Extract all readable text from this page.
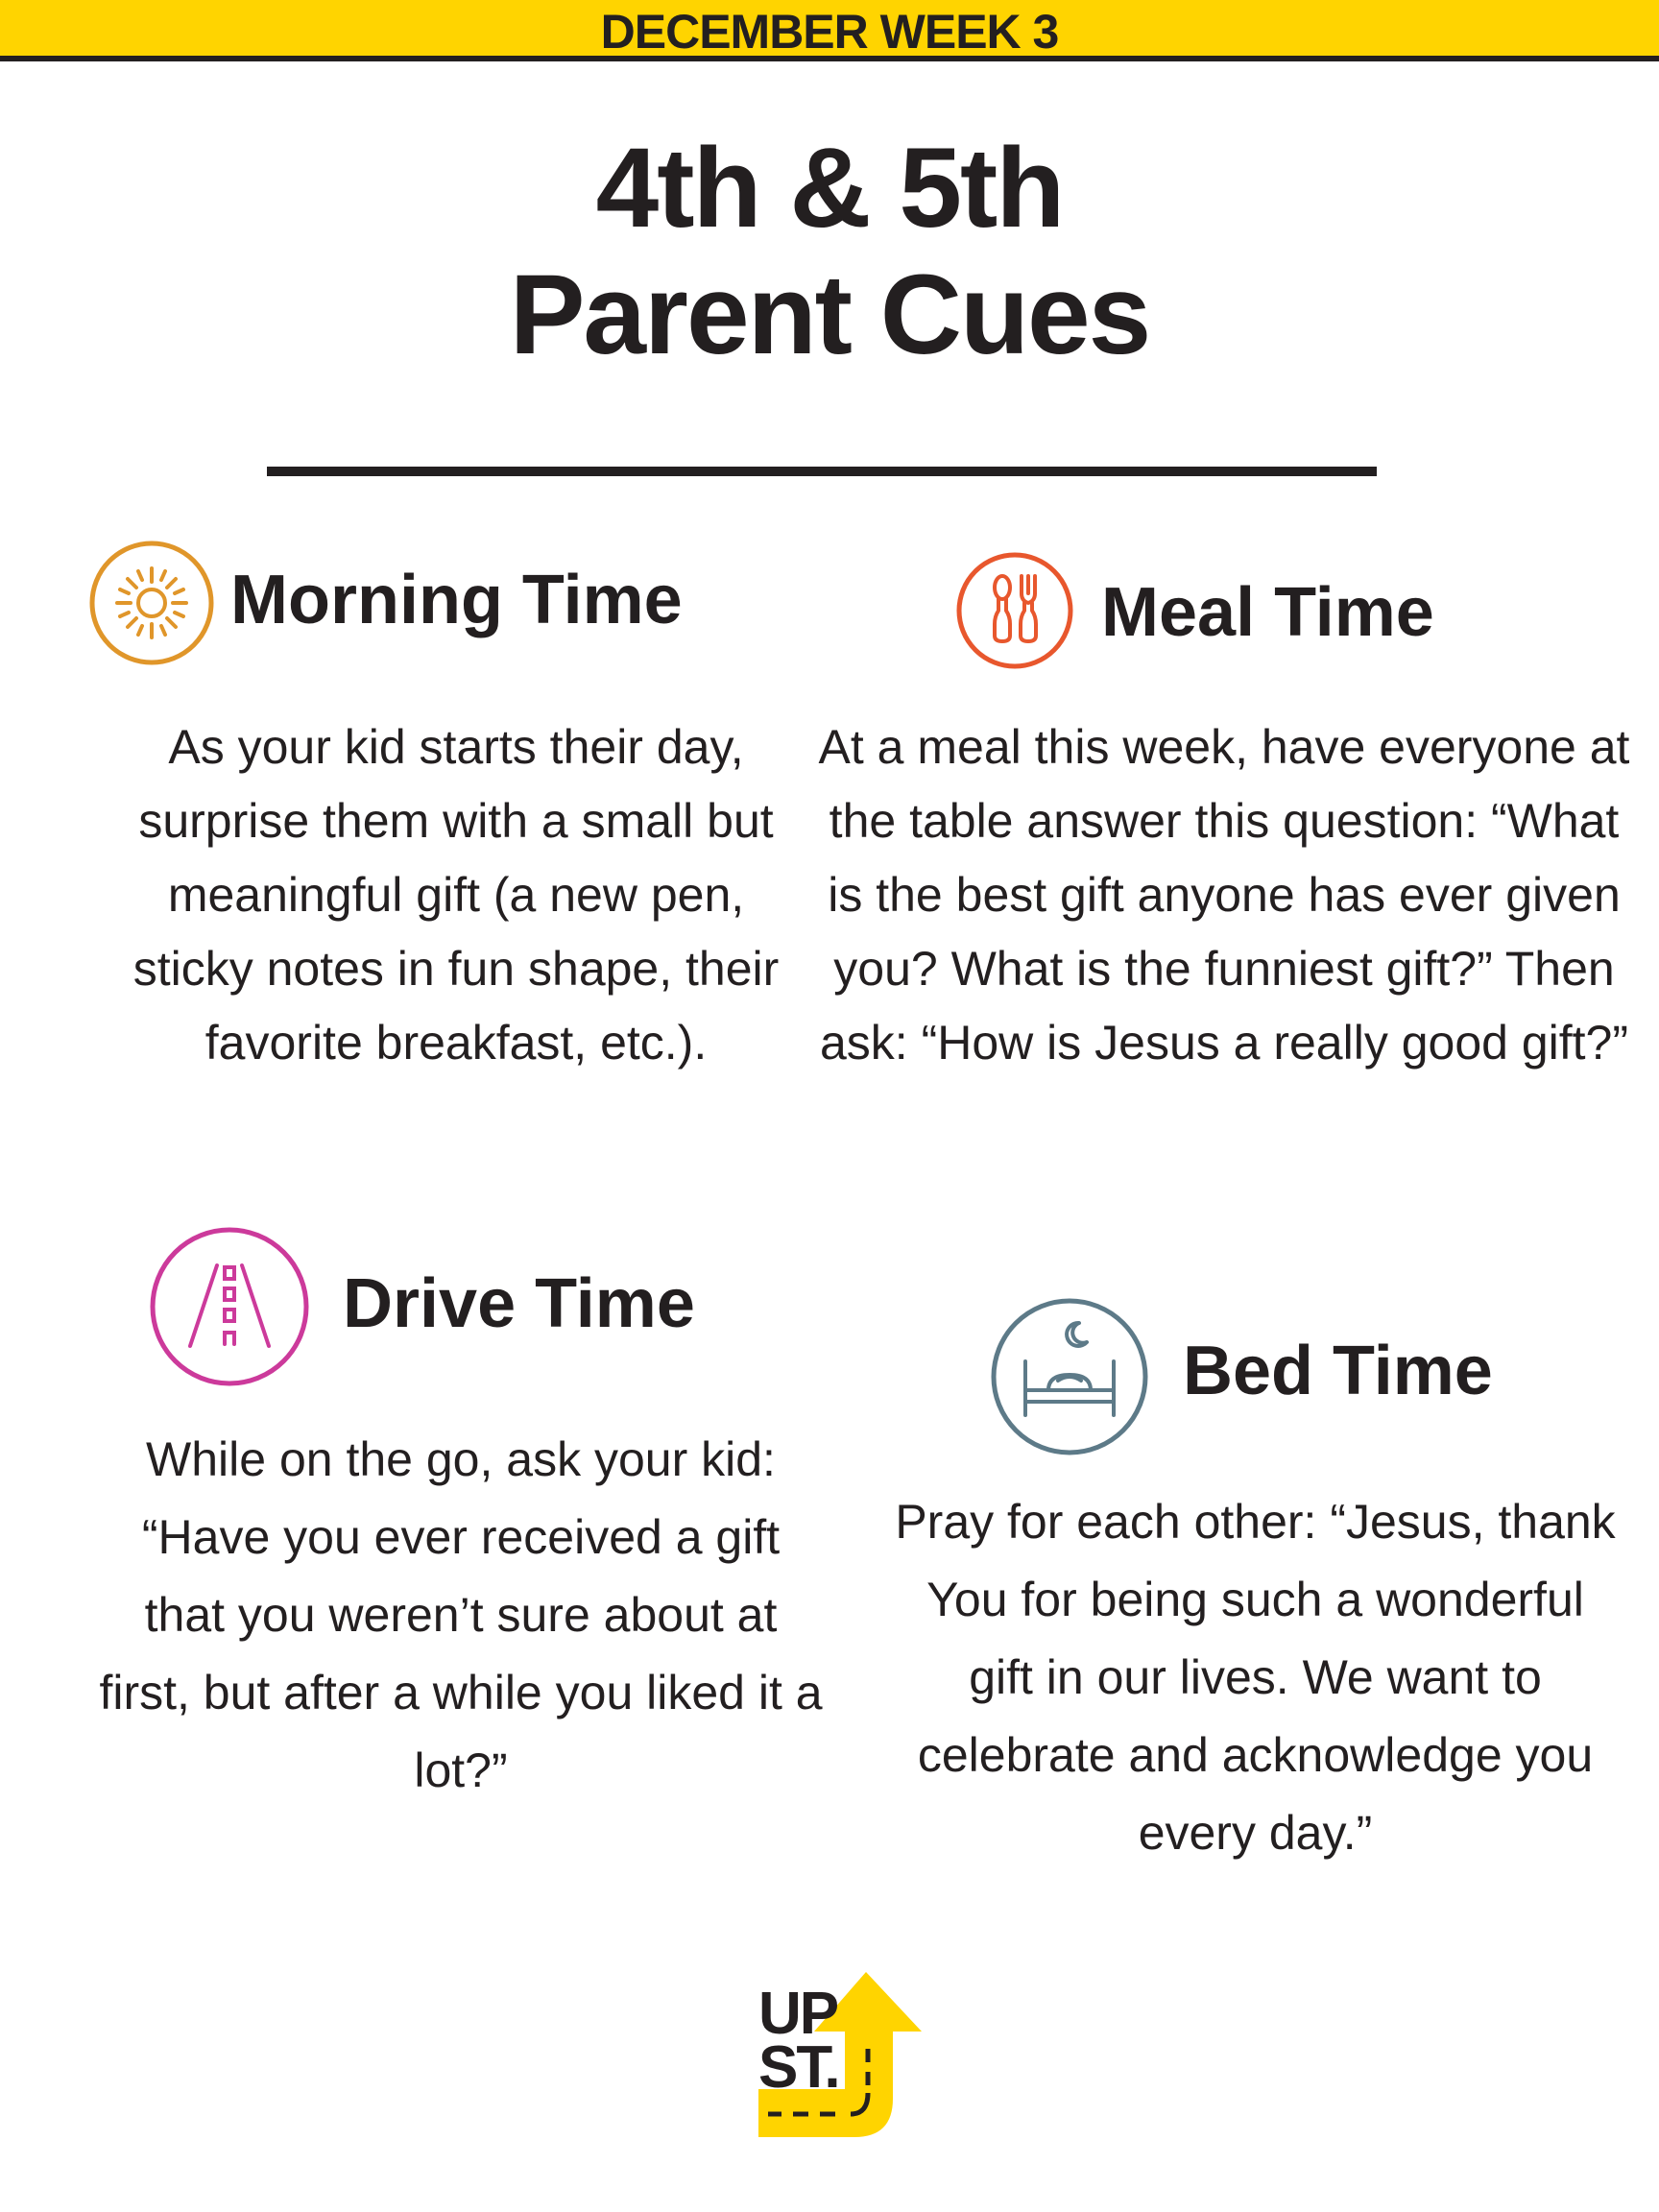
DECEMBER WEEK 3
4th & 5th
Parent Cues
Morning Time
As your kid starts their day, surprise them with a small but meaningful gift (a new pen, sticky notes in fun shape, their favorite breakfast, etc.).
Meal Time
At a meal this week, have everyone at the table answer this question: “What is the best gift anyone has ever given you? What is the funniest gift?” Then ask: “How is Jesus a really good gift?”
Drive Time
While on the go, ask your kid: “Have you ever received a gift that you weren’t sure about at first, but after a while you liked it a lot?”
Bed Time
Pray for each other: “Jesus, thank You for being such a wonderful gift in our lives. We want to celebrate and acknowledge you every day.”
UP
ST.
